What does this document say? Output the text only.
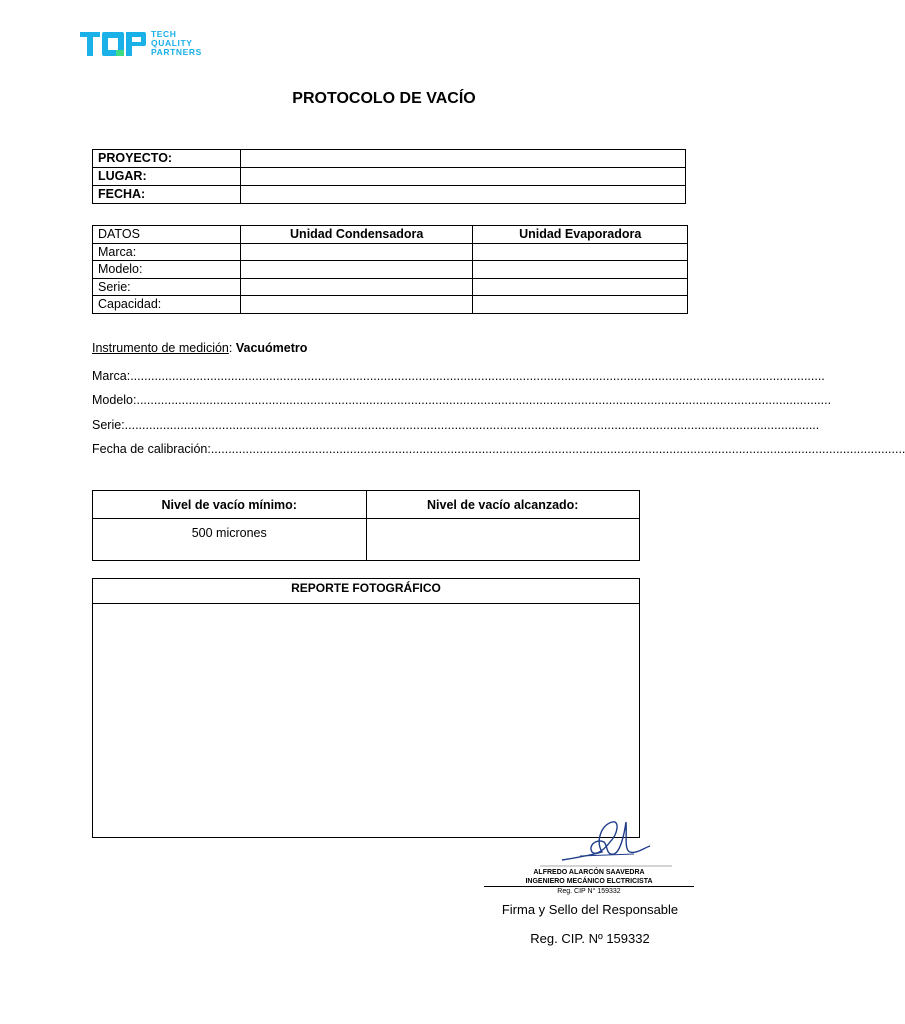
TECH
QUALITY
PARTNERS
PROTOCOLO DE VACÍO
PROYECTO:	
LUGAR:	
FECHA:	
DATOS	Unidad Condensadora	Unidad Evaporadora
Marca:		
Modelo:		
Serie:		
Capacidad:		
Instrumento de medición: Vacuómetro
Marca:........................................................................................................................................................................................................
Modelo:........................................................................................................................................................................................................
Serie:........................................................................................................................................................................................................
Fecha de calibración:........................................................................................................................................................................................................
Nivel de vacío mínimo:	Nivel de vacío alcanzado:
500 micrones	
REPORTE FOTOGRÁFICO
ALFREDO ALARCÓN SAAVEDRA
INGENIERO MECÁNICO ELCTRICISTA
Reg. CIP N° 159332
Firma y Sello del Responsable
Reg. CIP. Nº 159332
